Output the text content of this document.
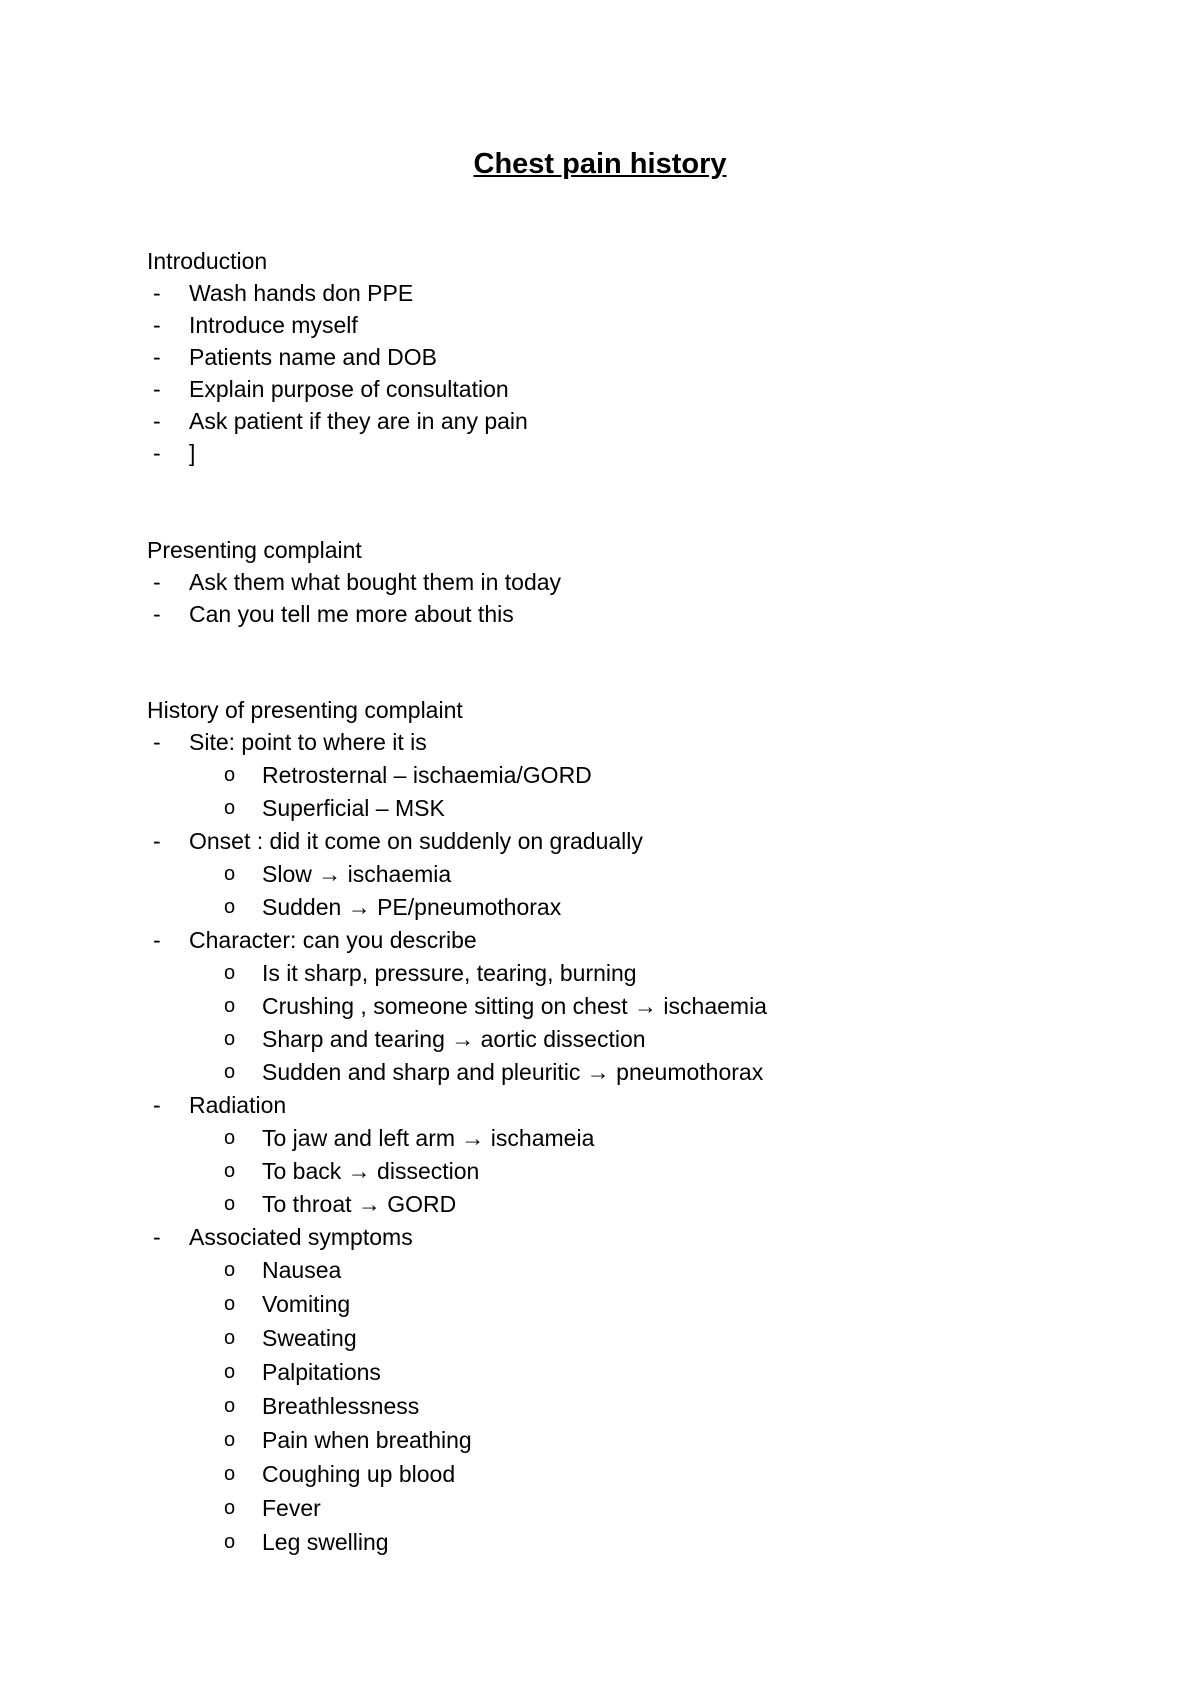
Chest pain history
Introduction
- Wash hands don PPE
- Introduce myself
- Patients name and DOB
- Explain purpose of consultation
- Ask patient if they are in any pain
- ]
Presenting complaint
- Ask them what bought them in today
- Can you tell me more about this
History of presenting complaint
- Site: point to where it is
o Retrosternal – ischaemia/GORD
o Superficial – MSK
- Onset : did it come on suddenly on gradually
o Slow → ischaemia
o Sudden → PE/pneumothorax
- Character: can you describe
o Is it sharp, pressure, tearing, burning
o Crushing , someone sitting on chest → ischaemia
o Sharp and tearing → aortic dissection
o Sudden and sharp and pleuritic → pneumothorax
- Radiation
o To jaw and left arm → ischameia
o To back → dissection
o To throat → GORD
- Associated symptoms
o Nausea
o Vomiting
o Sweating
o Palpitations
o Breathlessness
o Pain when breathing
o Coughing up blood
o Fever
o Leg swelling
